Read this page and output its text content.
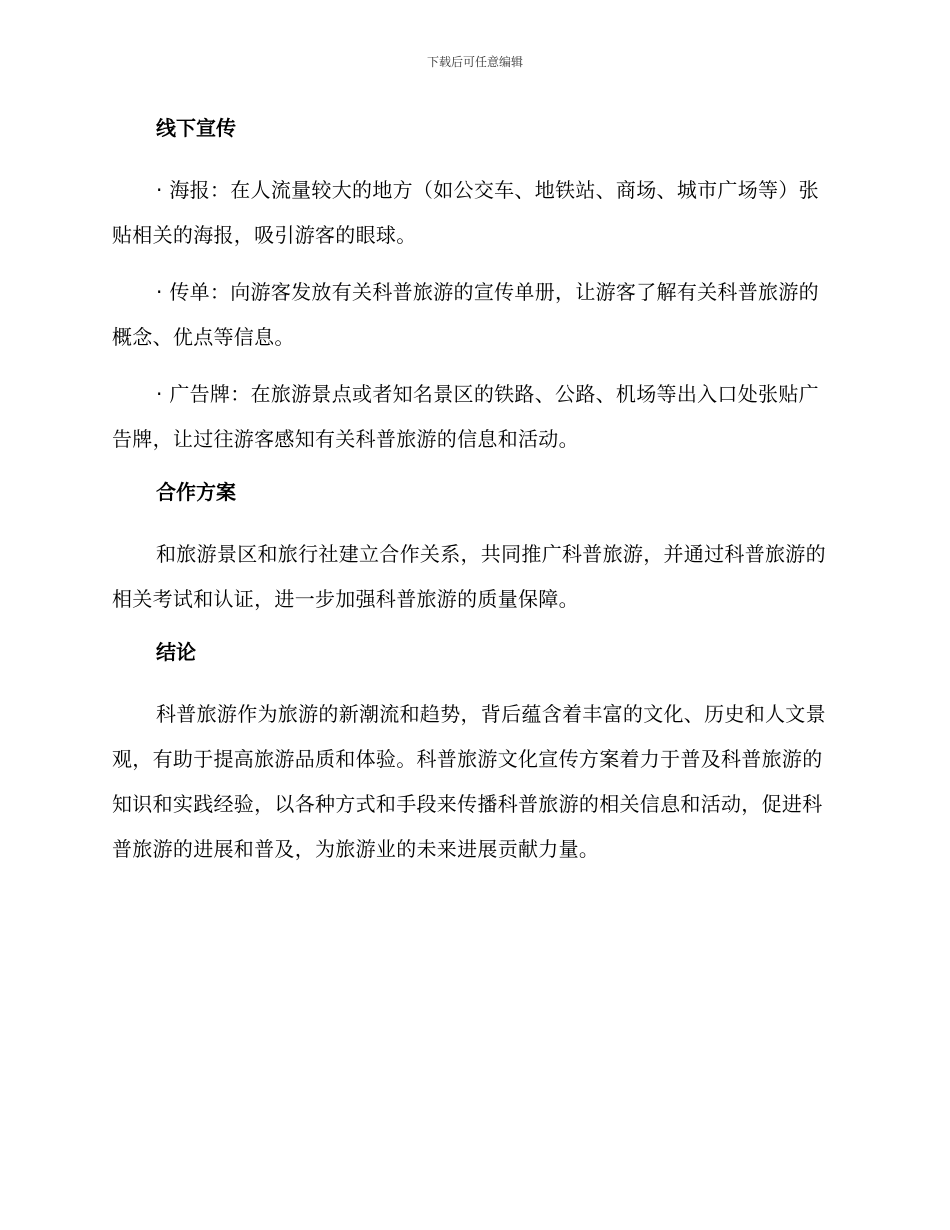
下载后可任意编辑
线下宣传

· 海报：在人流量较大的地方（如公交车、地铁站、商场、城市广场等）张贴相关的海报，吸引游客的眼球。

· 传单：向游客发放有关科普旅游的宣传单册，让游客了解有关科普旅游的概念、优点等信息。

· 广告牌：在旅游景点或者知名景区的铁路、公路、机场等出入口处张贴广告牌，让过往游客感知有关科普旅游的信息和活动。

合作方案

和旅游景区和旅行社建立合作关系，共同推广科普旅游，并通过科普旅游的相关考试和认证，进一步加强科普旅游的质量保障。

结论

科普旅游作为旅游的新潮流和趋势，背后蕴含着丰富的文化、历史和人文景观，有助于提高旅游品质和体验。科普旅游文化宣传方案着力于普及科普旅游的知识和实践经验，以各种方式和手段来传播科普旅游的相关信息和活动，促进科普旅游的进展和普及，为旅游业的未来进展贡献力量。
